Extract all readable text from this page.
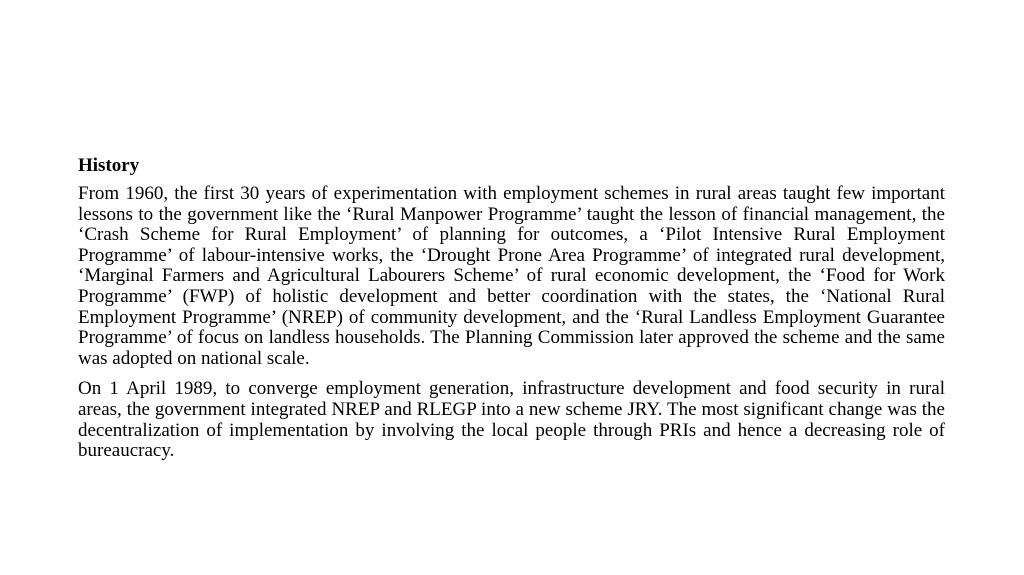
History

From 1960, the first 30 years of experimentation with employment schemes in rural areas taught few important lessons to the government like the ‘Rural Manpower Programme’ taught the lesson of financial management, the ‘Crash Scheme for Rural Employment’ of planning for outcomes, a ‘Pilot Intensive Rural Employment Programme’ of labour-intensive works, the ‘Drought Prone Area Programme’ of integrated rural development, ‘Marginal Farmers and Agricultural Labourers Scheme’ of rural economic development, the ‘Food for Work Programme’ (FWP) of holistic development and better coordination with the states, the ‘National Rural Employment Programme’ (NREP) of community development, and the ‘Rural Landless Employment Guarantee Programme’ of focus on landless households. The Planning Commission later approved the scheme and the same was adopted on national scale.

On 1 April 1989, to converge employment generation, infrastructure development and food security in rural areas, the government integrated NREP and RLEGP into a new scheme JRY. The most significant change was the decentralization of implementation by involving the local people through PRIs and hence a decreasing role of bureaucracy.
